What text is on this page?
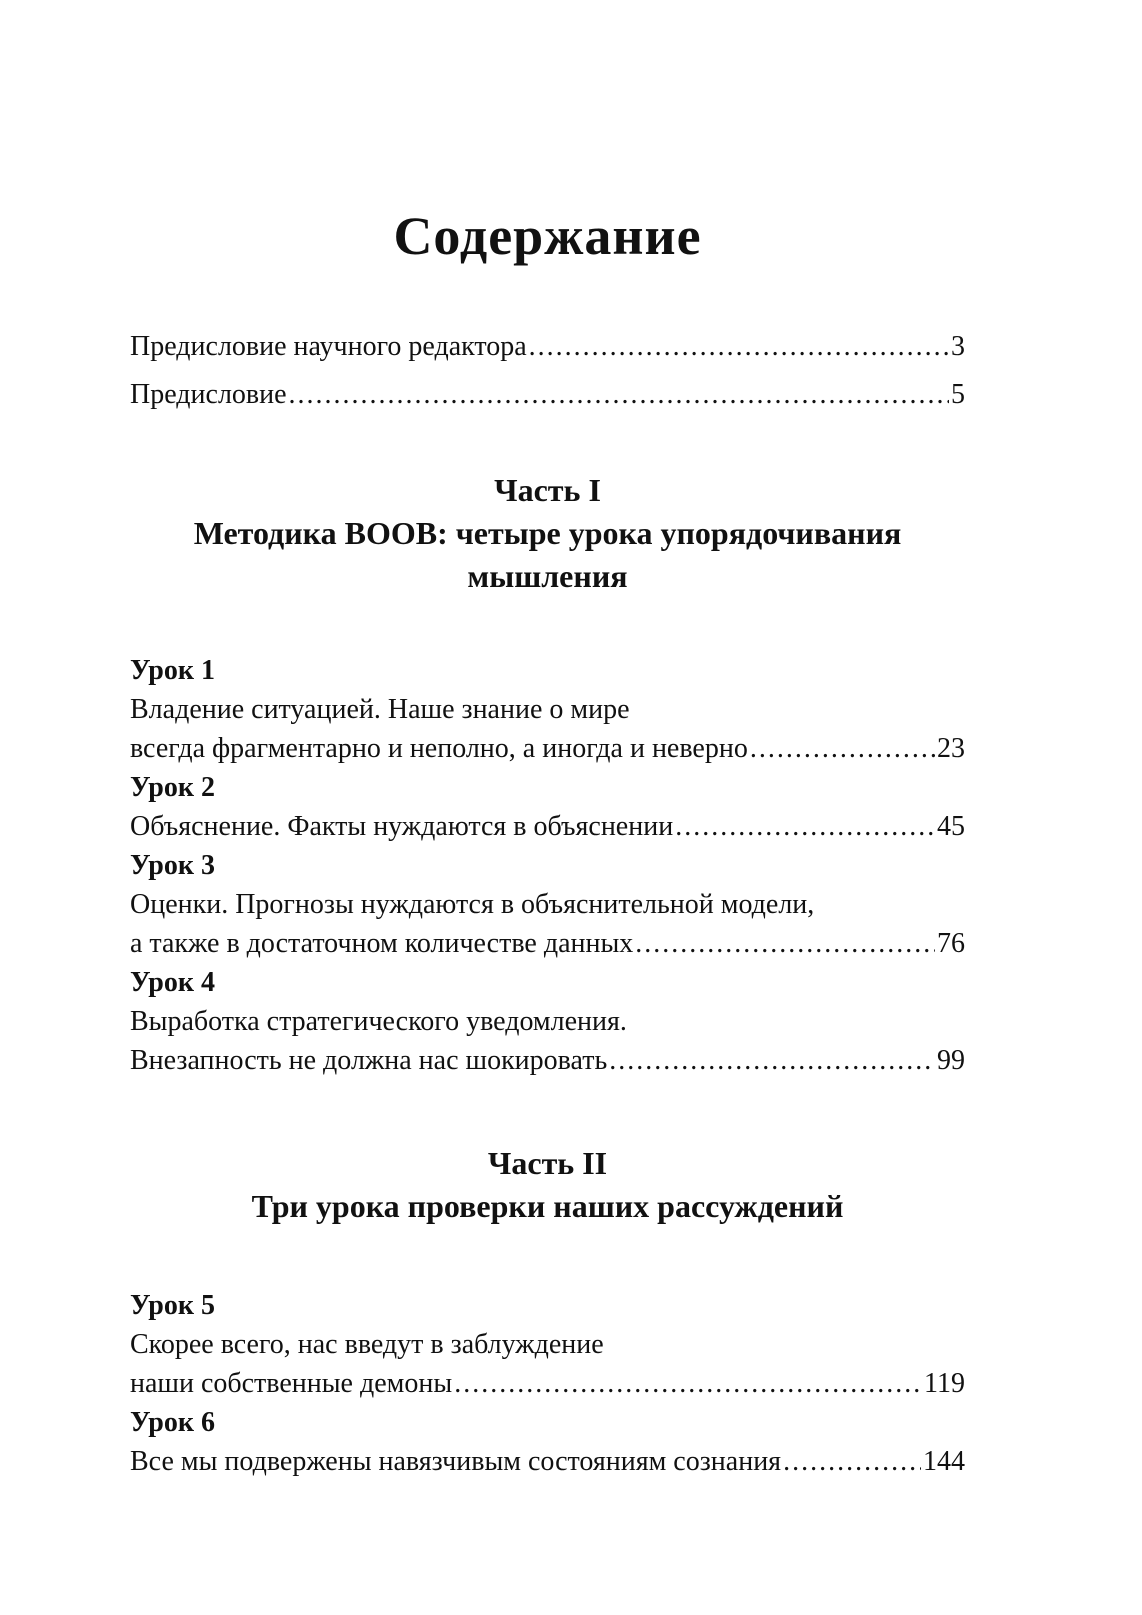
Содержание
Предисловие научного редактора .....	3
Предисловие .....	5
Часть I
Методика ВООВ: четыре урока упорядочивания мышления
Урок 1
Владение ситуацией. Наше знание о мире
всегда фрагментарно и неполно, а иногда и неверно .....	23
Урок 2
Объяснение. Факты нуждаются в объяснении .....	45
Урок 3
Оценки. Прогнозы нуждаются в объяснительной модели,
а также в достаточном количестве данных .....	76
Урок 4
Выработка стратегического уведомления.
Внезапность не должна нас шокировать .....	99
Часть II
Три урока проверки наших рассуждений
Урок 5
Скорее всего, нас введут в заблуждение
наши собственные демоны .....	119
Урок 6
Все мы подвержены навязчивым состояниям сознания .....	144
